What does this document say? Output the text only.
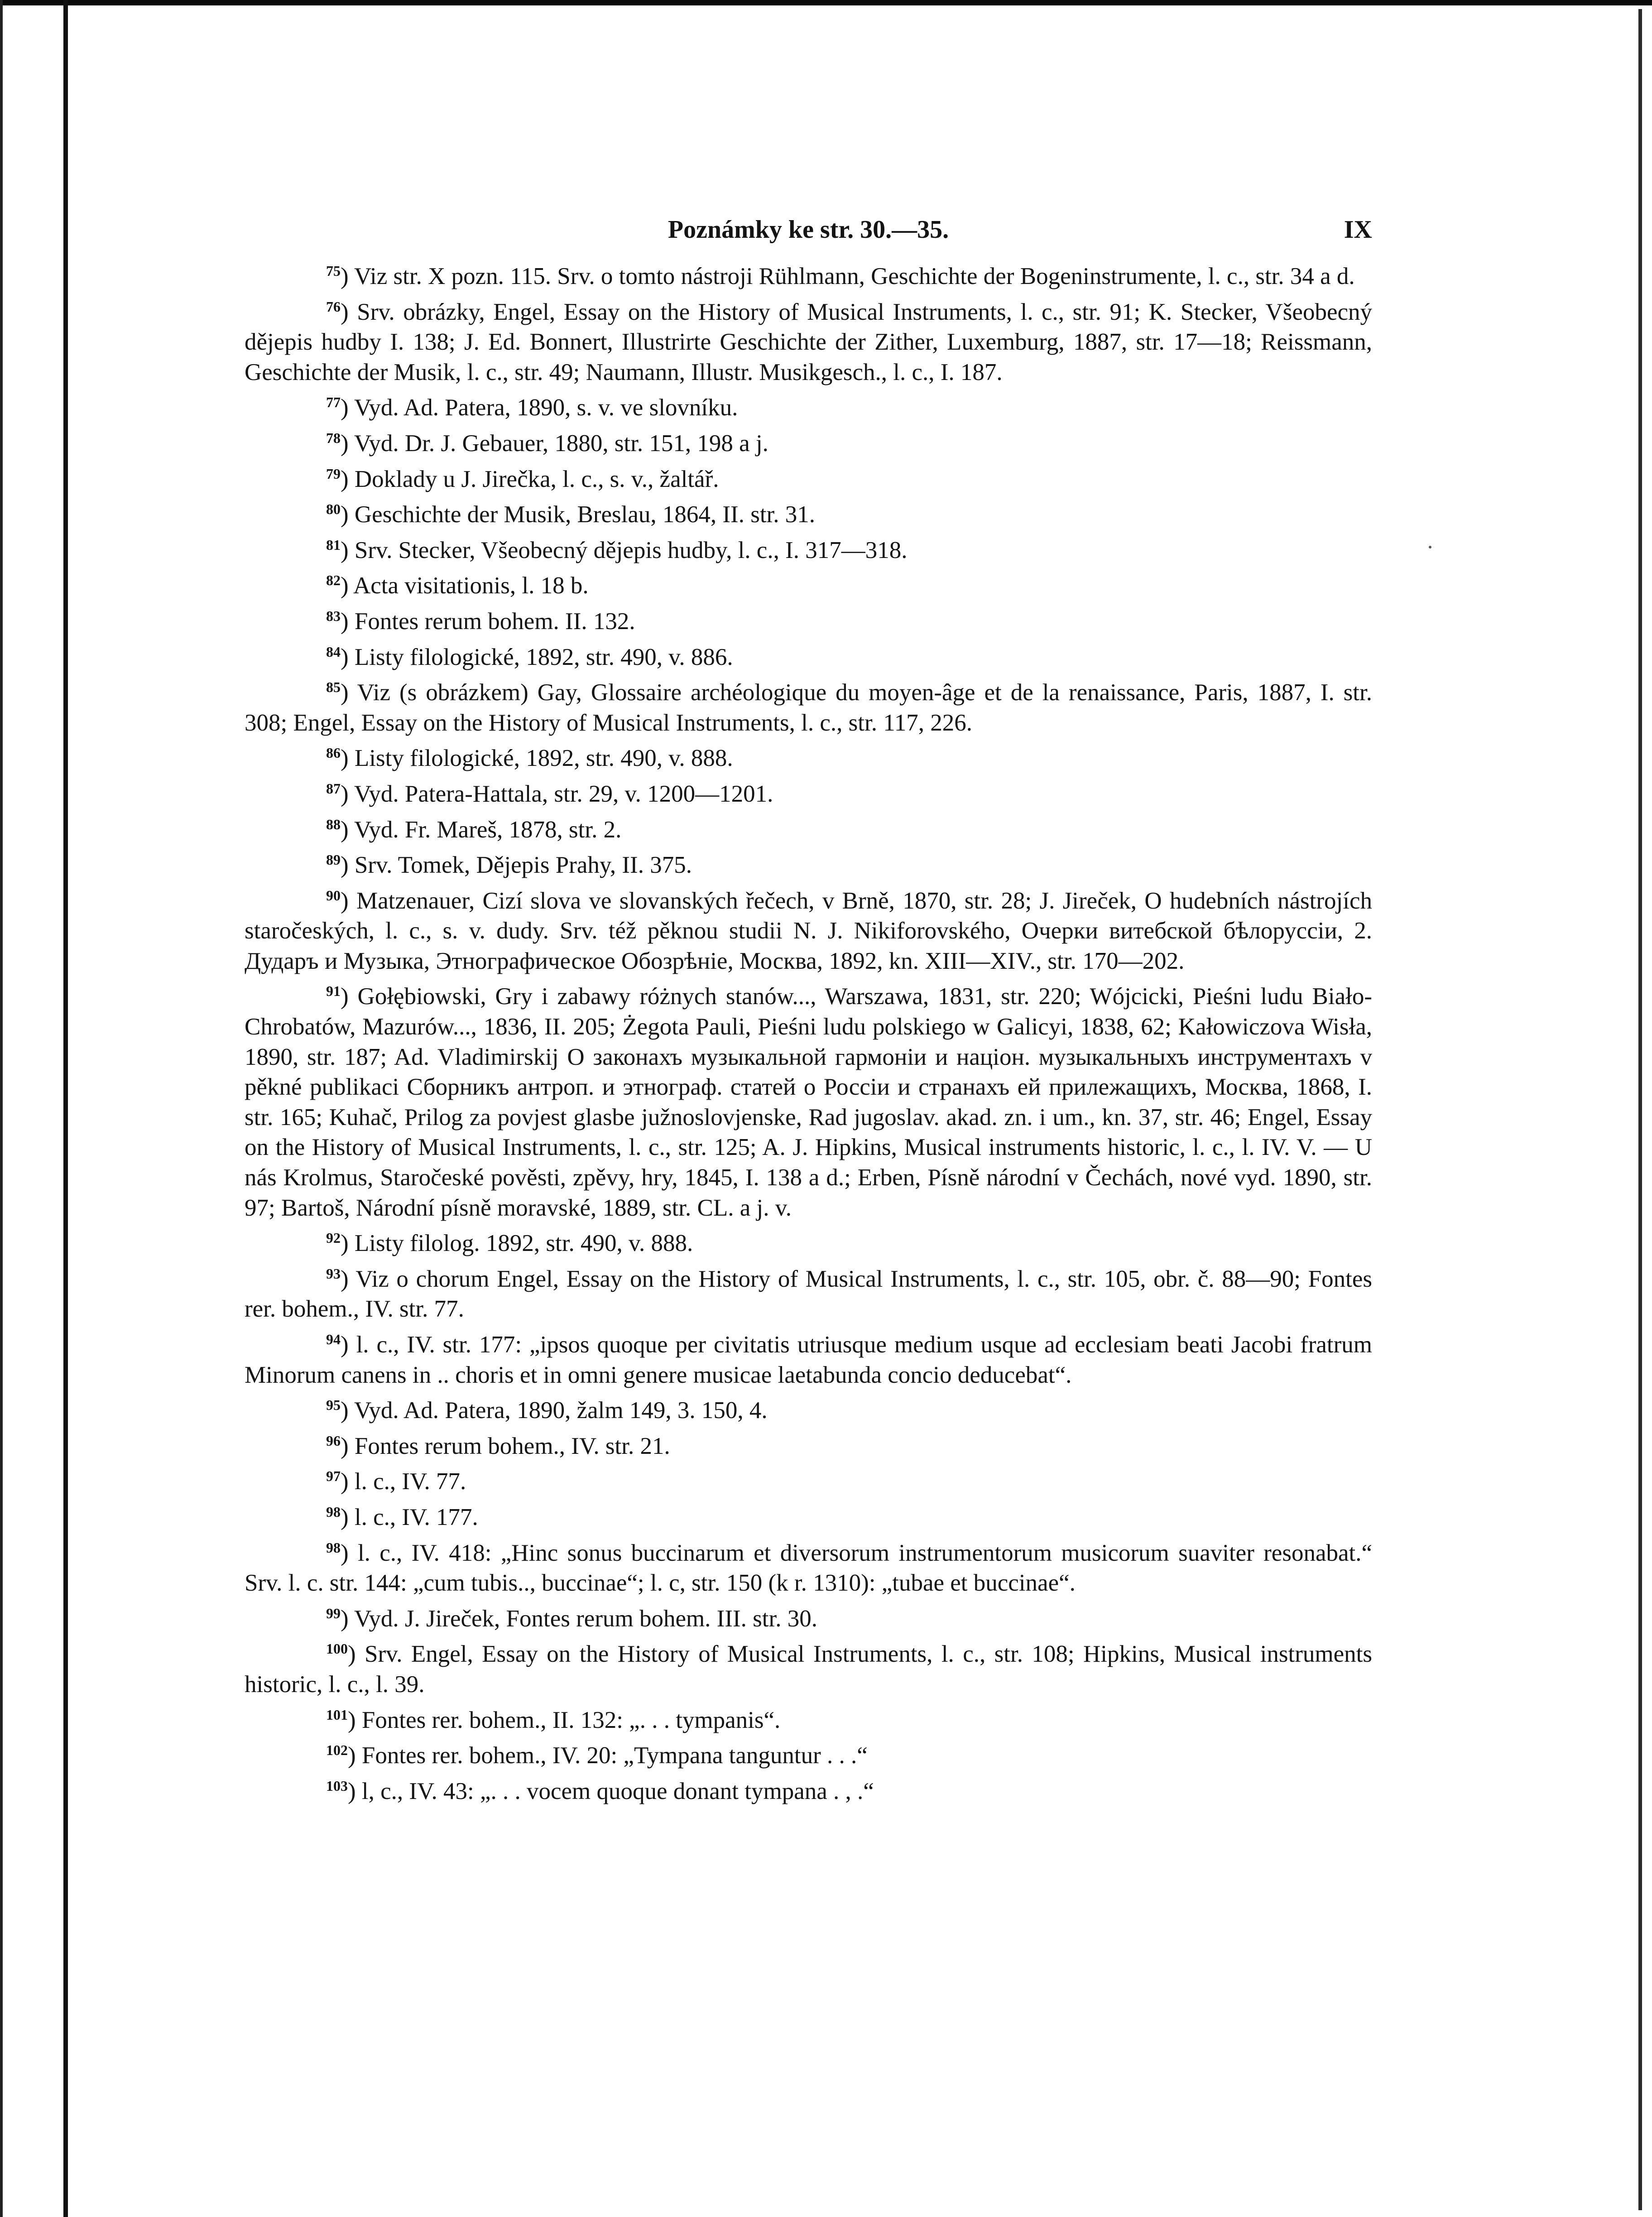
Poznámky ke str. 30.—35.	IX

$^{75}$) Viz str. X pozn. 115. Srv. o tomto nástroji Rühlmann, Geschichte der Bogeninstrumente, l. c., str. 34 a d.

$^{76}$) Srv. obrázky, Engel, Essay on the History of Musical Instruments, l. c., str. 91; K. Stecker, Všeobecný dějepis hudby I. 138; J. Ed. Bonnert, Illustrirte Geschichte der Zither, Luxemburg, 1887, str. 17—18; Reissmann, Geschichte der Musik, l. c., str. 49; Naumann, Illustr. Musikgesch., l. c., I. 187.

$^{77}$) Vyd. Ad. Patera, 1890, s. v. ve slovníku.

$^{78}$) Vyd. Dr. J. Gebauer, 1880, str. 151, 198 a j.

$^{79}$) Doklady u J. Jirečka, l. c., s. v., žaltář.

$^{80}$) Geschichte der Musik, Breslau, 1864, II. str. 31.

$^{81}$) Srv. Stecker, Všeobecný dějepis hudby, l. c., I. 317—318.

$^{82}$) Acta visitationis, l. 18 b.

$^{83}$) Fontes rerum bohem. II. 132.

$^{84}$) Listy filologické, 1892, str. 490, v. 886.

$^{85}$) Viz (s obrázkem) Gay, Glossaire archéologique du moyen-âge et de la renaissance, Paris, 1887, I. str. 308; Engel, Essay on the History of Musical Instruments, l. c., str. 117, 226.

$^{86}$) Listy filologické, 1892, str. 490, v. 888.

$^{87}$) Vyd. Patera-Hattala, str. 29, v. 1200—1201.

$^{88}$) Vyd. Fr. Mareš, 1878, str. 2.

$^{89}$) Srv. Tomek, Dějepis Prahy, II. 375.

$^{90}$) Matzenauer, Cizí slova ve slovanských řečech, v Brně, 1870, str. 28; J. Jireček, O hudebních nástrojích staročeských, l. c., s. v. dudy. Srv. též pěknou studii N. J. Nikiforovského, Очерки витебской бѣлоруссіи, 2. Дударъ и Музыка, Этнографическое Обозрѣніе, Москва, 1892, kn. XIII—XIV., str. 170—202.

$^{91}$) Gołębiowski, Gry i zabawy różnych stanów..., Warszawa, 1831, str. 220; Wójcicki, Pieśni ludu Biało-Chrobatów, Mazurów..., 1836, II. 205; Żegota Pauli, Pieśni ludu polskiego w Galicyi, 1838, 62; Kałowiczova Wisła, 1890, str. 187; Ad. Vladimirskij O законахъ музыкальной гармоніи и націон. музыкальныхъ инструментахъ v pěkné publikaci Сборникъ антроп. и этнограф. статей о Россіи и странахъ ей прилежащихъ, Москва, 1868, I. str. 165; Kuhač, Prilog za povjest glasbe južnoslovjenske, Rad jugoslav. akad. zn. i um., kn. 37, str. 46; Engel, Essay on the History of Musical Instruments, l. c., str. 125; A. J. Hipkins, Musical instruments historic, l. c., l. IV. V. — U nás Krolmus, Staročeské pověsti, zpěvy, hry, 1845, I. 138 a d.; Erben, Písně národní v Čechách, nové vyd. 1890, str. 97; Bartoš, Národní písně moravské, 1889, str. CL. a j. v.

$^{92}$) Listy filolog. 1892, str. 490, v. 888.

$^{93}$) Viz o chorum Engel, Essay on the History of Musical Instruments, l. c., str. 105, obr. č. 88—90; Fontes rer. bohem., IV. str. 77.

$^{94}$) l. c., IV. str. 177: „ipsos quoque per civitatis utriusque medium usque ad ecclesiam beati Jacobi fratrum Minorum canens in .. choris et in omni genere musicae laetabunda concio deducebat“.

$^{95}$) Vyd. Ad. Patera, 1890, žalm 149, 3. 150, 4.

$^{96}$) Fontes rerum bohem., IV. str. 21.

$^{97}$) l. c., IV. 77.

$^{98}$) l. c., IV. 177.

$^{98}$) l. c., IV. 418: „Hinc sonus buccinarum et diversorum instrumentorum musicorum suaviter resonabat.“ Srv. l. c. str. 144: „cum tubis.., buccinae“; l. c, str. 150 (k r. 1310): „tubae et buccinae“.

$^{99}$) Vyd. J. Jireček, Fontes rerum bohem. III. str. 30.

$^{100}$) Srv. Engel, Essay on the History of Musical Instruments, l. c., str. 108; Hipkins, Musical instruments historic, l. c., l. 39.

$^{101}$) Fontes rer. bohem., II. 132: „. . . tympanis“.

$^{102}$) Fontes rer. bohem., IV. 20: „Tympana tanguntur . . .“

$^{103}$) l, c., IV. 43: „. . . vocem quoque donant tympana . , .“
